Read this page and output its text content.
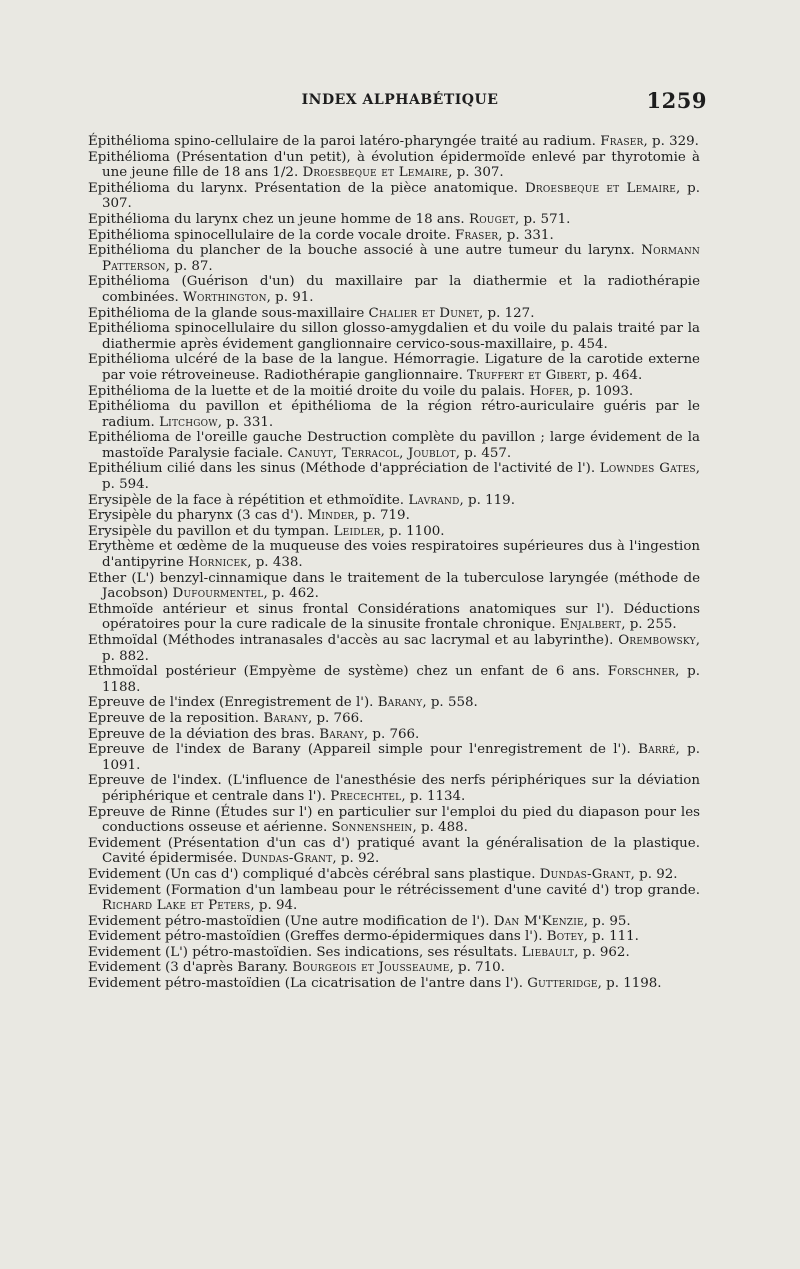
INDEX ALPHABÉTIQUE	1259

Épithélioma spino-cellulaire de la paroi latéro-pharyngée traité au radium. Fraser, p. 329.

Epithélioma (Présentation d'un petit), à évolution épidermoïde enlevé par thyrotomie à une jeune fille de 18 ans 1/2. Droesbeque et Lemaire, p. 307.

Epithélioma du larynx. Présentation de la pièce anatomique. Droesbeque et Lemaire, p. 307.

Epithélioma du larynx chez un jeune homme de 18 ans. Rouget, p. 571.

Epithélioma spinocellulaire de la corde vocale droite. Fraser, p. 331.

Epithélioma du plancher de la bouche associé à une autre tumeur du larynx. Normann Patterson, p. 87.

Epithélioma (Guérison d'un) du maxillaire par la diathermie et la radiothérapie combinées. Worthington, p. 91.

Epithélioma de la glande sous-maxillaire Chalier et Dunet, p. 127.

Epithélioma spinocellulaire du sillon glosso-amygdalien et du voile du palais traité par la diathermie après évidement ganglionnaire cervico-sous-maxillaire, p. 454.

Epithélioma ulcéré de la base de la langue. Hémorragie. Ligature de la carotide externe par voie rétroveineuse. Radiothérapie ganglionnaire. Truffert et Gibert, p. 464.

Epithélioma de la luette et de la moitié droite du voile du palais. Hofer, p. 1093.

Epithélioma du pavillon et épithélioma de la région rétro-auriculaire guéris par le radium. Litchgow, p. 331.

Epithélioma de l'oreille gauche Destruction complète du pavillon ; large évidement de la mastoïde Paralysie faciale. Canuyt, Terracol, Joublot, p. 457.

Epithélium cilié dans les sinus (Méthode d'appréciation de l'activité de l'). Lowndes Gates, p. 594.

Erysipèle de la face à répétition et ethmoïdite. Lavrand, p. 119.

Erysipèle du pharynx (3 cas d'). Minder, p. 719.

Erysipèle du pavillon et du tympan. Leidler, p. 1100.

Erythème et œdème de la muqueuse des voies respiratoires supérieures dus à l'ingestion d'antipyrine Hornicek, p. 438.

Ether (L') benzyl-cinnamique dans le traitement de la tuberculose laryngée (méthode de Jacobson) Dufourmentel, p. 462.

Ethmoïde antérieur et sinus frontal Considérations anatomiques sur l'). Déductions opératoires pour la cure radicale de la sinusite frontale chronique. Enjalbert, p. 255.

Ethmoïdal (Méthodes intranasales d'accès au sac lacrymal et au labyrinthe). Orembowsky, p. 882.

Ethmoïdal postérieur (Empyème de système) chez un enfant de 6 ans. Forschner, p. 1188.

Epreuve de l'index (Enregistrement de l'). Barany, p. 558.

Epreuve de la reposition. Barany, p. 766.

Epreuve de la déviation des bras. Barany, p. 766.

Epreuve de l'index de Barany (Appareil simple pour l'enregistrement de l'). Barré, p. 1091.

Epreuve de l'index. (L'influence de l'anesthésie des nerfs périphériques sur la déviation périphérique et centrale dans l'). Precechtel, p. 1134.

Epreuve de Rinne (Études sur l') en particulier sur l'emploi du pied du diapason pour les conductions osseuse et aérienne. Sonnenshein, p. 488.

Evidement (Présentation d'un cas d') pratiqué avant la généralisation de la plastique. Cavité épidermisée. Dundas-Grant, p. 92.

Evidement (Un cas d') compliqué d'abcès cérébral sans plastique. Dundas-Grant, p. 92.

Evidement (Formation d'un lambeau pour le rétrécissement d'une cavité d') trop grande. Richard Lake et Peters, p. 94.

Evidement pétro-mastoïdien (Une autre modification de l'). Dan M'Kenzie, p. 95.

Evidement pétro-mastoïdien (Greffes dermo-épidermiques dans l'). Botey, p. 111.

Evidement (L') pétro-mastoïdien. Ses indications, ses résultats. Liebault, p. 962.

Evidement (3 d'après Barany. Bourgeois et Jousseaume, p. 710.

Evidement pétro-mastoïdien (La cicatrisation de l'antre dans l'). Gutteridge, p. 1198.
